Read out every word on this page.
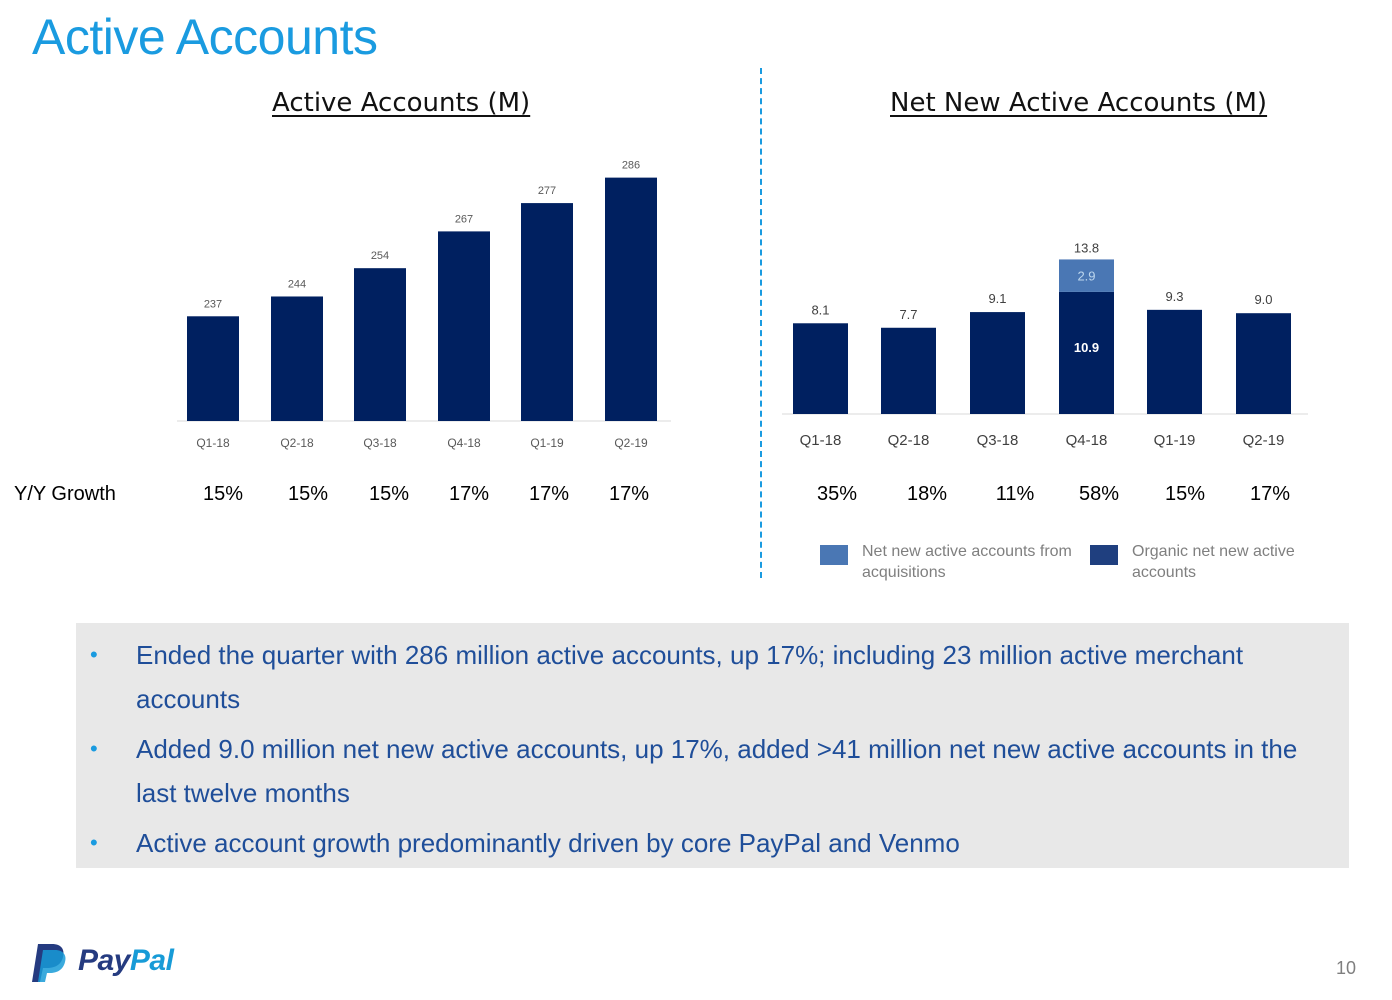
Active Accounts
Active Accounts (M)	Net New Active Accounts (M)
237
Q1-18
244
Q2-18
254
Q3-18
267
Q4-18
277
Q1-19
286
Q2-19
8.1
Q1-18
7.7
Q2-18
9.1
Q3-18
2.9
10.9
13.8
Q4-18
9.3
Q1-19
9.0
Q2-19
Y/Y Growth	15%	15%	15%	17%	17%	17%	35%	18%	11%	58%	15%	17%
Net new active accounts from acquisitions
Organic net new active accounts
• Ended the quarter with 286 million active accounts, up 17%; including 23 million active merchant accounts
• Added 9.0 million net new active accounts, up 17%, added >41 million net new active accounts in the last twelve months
• Active account growth predominantly driven by core PayPal and Venmo
PayPal	10
